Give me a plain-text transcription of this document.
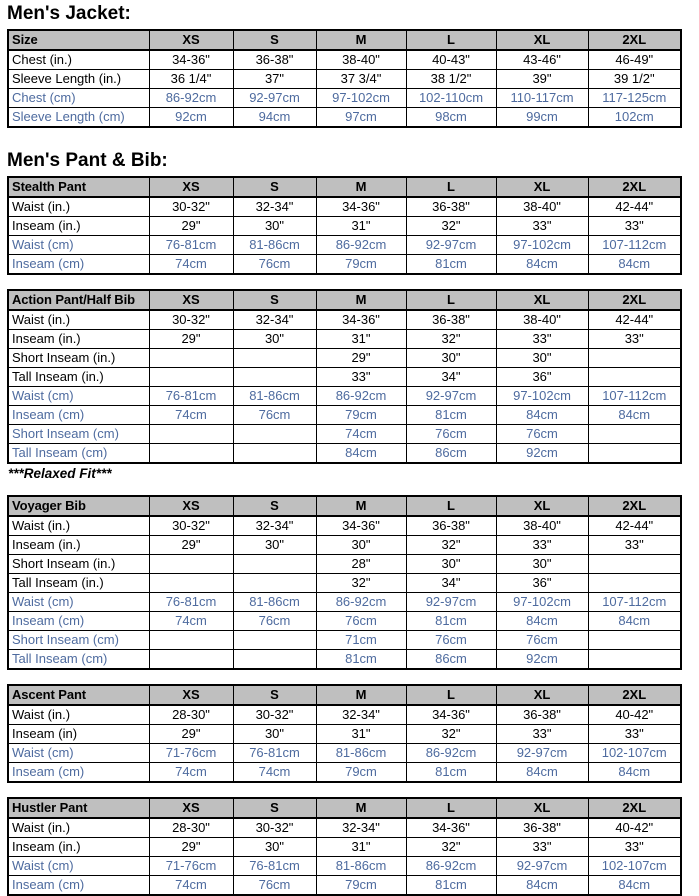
Men's Jacket:
Size	XS	S	M	L	XL	2XL
Chest (in.)	34-36"	36-38"	38-40"	40-43"	43-46"	46-49"
Sleeve Length (in.)	36 1/4"	37"	37 3/4"	38 1/2"	39"	39 1/2"
Chest (cm)	86-92cm	92-97cm	97-102cm	102-110cm	110-117cm	117-125cm
Sleeve Length (cm)	92cm	94cm	97cm	98cm	99cm	102cm
Men's Pant & Bib:
Stealth Pant	XS	S	M	L	XL	2XL
Waist (in.)	30-32"	32-34"	34-36"	36-38"	38-40"	42-44"
Inseam (in.)	29"	30"	31"	32"	33"	33"
Waist (cm)	76-81cm	81-86cm	86-92cm	92-97cm	97-102cm	107-112cm
Inseam (cm)	74cm	76cm	79cm	81cm	84cm	84cm
Action Pant/Half Bib	XS	S	M	L	XL	2XL
Waist (in.)	30-32"	32-34"	34-36"	36-38"	38-40"	42-44"
Inseam (in.)	29"	30"	31"	32"	33"	33"
Short Inseam (in.)			29"	30"	30"	
Tall Inseam (in.)			33"	34"	36"	
Waist (cm)	76-81cm	81-86cm	86-92cm	92-97cm	97-102cm	107-112cm
Inseam (cm)	74cm	76cm	79cm	81cm	84cm	84cm
Short Inseam (cm)			74cm	76cm	76cm	
Tall Inseam (cm)			84cm	86cm	92cm	

***Relaxed Fit***

Voyager Bib	XS	S	M	L	XL	2XL
Waist (in.)	30-32"	32-34"	34-36"	36-38"	38-40"	42-44"
Inseam (in.)	29"	30"	30"	32"	33"	33"
Short Inseam (in.)			28"	30"	30"	
Tall Inseam (in.)			32"	34"	36"	
Waist (cm)	76-81cm	81-86cm	86-92cm	92-97cm	97-102cm	107-112cm
Inseam (cm)	74cm	76cm	76cm	81cm	84cm	84cm
Short Inseam (cm)			71cm	76cm	76cm	
Tall Inseam (cm)			81cm	86cm	92cm	
Ascent Pant	XS	S	M	L	XL	2XL
Waist (in.)	28-30"	30-32"	32-34"	34-36"	36-38"	40-42"
Inseam (in)	29"	30"	31"	32"	33"	33"
Waist (cm)	71-76cm	76-81cm	81-86cm	86-92cm	92-97cm	102-107cm
Inseam (cm)	74cm	74cm	79cm	81cm	84cm	84cm
Hustler Pant	XS	S	M	L	XL	2XL
Waist (in.)	28-30"	30-32"	32-34"	34-36"	36-38"	40-42"
Inseam (in.)	29"	30"	31"	32"	33"	33"
Waist (cm)	71-76cm	76-81cm	81-86cm	86-92cm	92-97cm	102-107cm
Inseam (cm)	74cm	76cm	79cm	81cm	84cm	84cm
